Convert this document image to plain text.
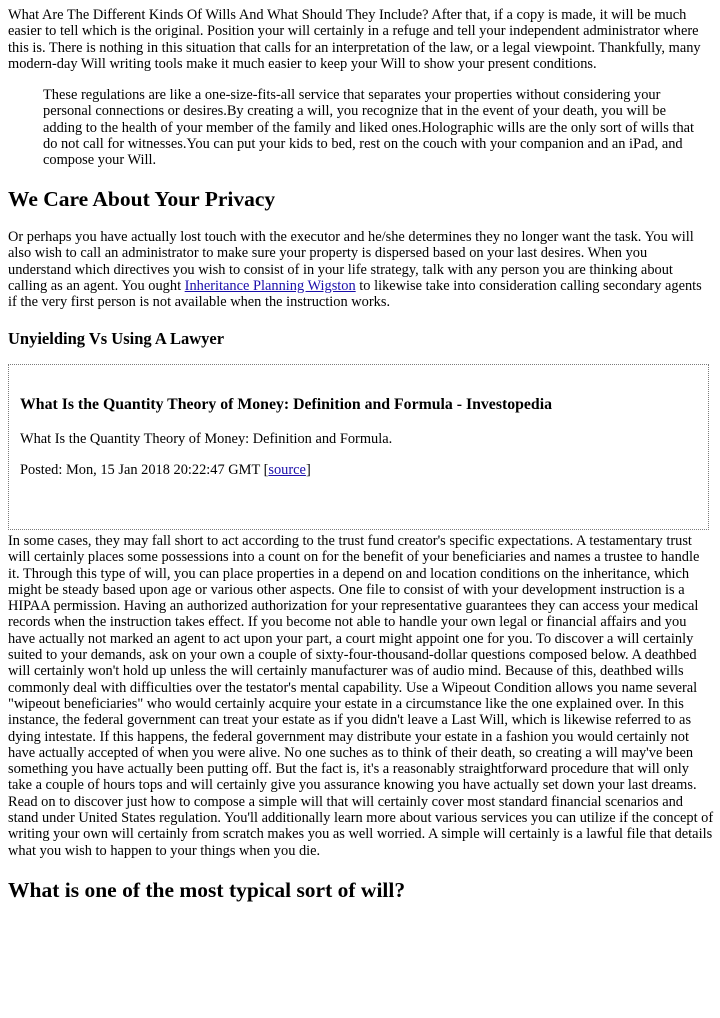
What Are The Different Kinds Of Wills And What Should They Include? After that, if a copy is made, it will be much easier to tell which is the original. Position your will certainly in a refuge and tell your independent administrator where this is. There is nothing in this situation that calls for an interpretation of the law, or a legal viewpoint. Thankfully, many modern-day Will writing tools make it much easier to keep your Will to show your present conditions.

These regulations are like a one-size-fits-all service that separates your properties without considering your personal connections or desires.By creating a will, you recognize that in the event of your death, you will be adding to the health of your member of the family and liked ones.Holographic wills are the only sort of wills that do not call for witnesses.You can put your kids to bed, rest on the couch with your companion and an iPad, and compose your Will.

We Care About Your Privacy

Or perhaps you have actually lost touch with the executor and he/she determines they no longer want the task. You will also wish to call an administrator to make sure your property is dispersed based on your last desires. When you understand which directives you wish to consist of in your life strategy, talk with any person you are thinking about calling as an agent. You ought Inheritance Planning Wigston to likewise take into consideration calling secondary agents if the very first person is not available when the instruction works.

Unyielding Vs Using A Lawyer
What Is the Quantity Theory of Money: Definition and Formula - Investopedia

What Is the Quantity Theory of Money: Definition and Formula.

Posted: Mon, 15 Jan 2018 20:22:47 GMT [source]

In some cases, they may fall short to act according to the trust fund creator's specific expectations. A testamentary trust will certainly places some possessions into a count on for the benefit of your beneficiaries and names a trustee to handle it. Through this type of will, you can place properties in a depend on and location conditions on the inheritance, which might be steady based upon age or various other aspects. One file to consist of with your development instruction is a HIPAA permission. Having an authorized authorization for your representative guarantees they can access your medical records when the instruction takes effect. If you become not able to handle your own legal or financial affairs and you have actually not marked an agent to act upon your part, a court might appoint one for you. To discover a will certainly suited to your demands, ask on your own a couple of sixty-four-thousand-dollar questions composed below. A deathbed will certainly won't hold up unless the will certainly manufacturer was of audio mind. Because of this, deathbed wills commonly deal with difficulties over the testator's mental capability. Use a Wipeout Condition allows you name several "wipeout beneficiaries" who would certainly acquire your estate in a circumstance like the one explained over. In this instance, the federal government can treat your estate as if you didn't leave a Last Will, which is likewise referred to as dying intestate. If this happens, the federal government may distribute your estate in a fashion you would certainly not have actually accepted of when you were alive. No one suches as to think of their death, so creating a will may've been something you have actually been putting off. But the fact is, it's a reasonably straightforward procedure that will only take a couple of hours tops and will certainly give you assurance knowing you have actually set down your last dreams. Read on to discover just how to compose a simple will that will certainly cover most standard financial scenarios and stand under United States regulation. You'll additionally learn more about various services you can utilize if the concept of writing your own will certainly from scratch makes you as well worried. A simple will certainly is a lawful file that details what you wish to happen to your things when you die.

What is one of the most typical sort of will?
